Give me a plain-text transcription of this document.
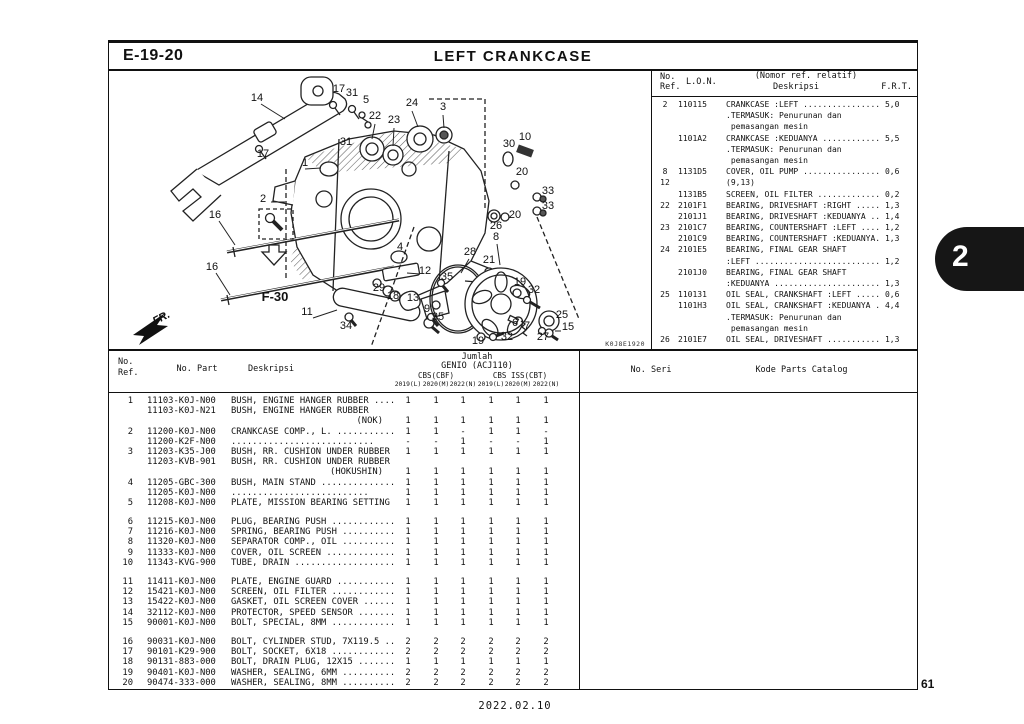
E-19-20	LEFT CRANKCASE
14
17 31
5
22 23
24 3
31
17
1
2
30
10
20
33
33
26
20
8
4	28
21
12 35
29
18 13
9
35
19
32
6 7
25
15
27
19 32
16
16
11
34
F-30
FR.
K0J8E1920
No.
Ref. L.O.N.
(Nomor ref. relatif)
Deskripsi	F.R.T.
2	110115	CRANKCASE :LEFT ................ 5,0
.TERMASUK: Penurunan dan
pemasangan mesin
1101A2	CRANKCASE :KEDUANYA ............ 5,5
.TERMASUK: Penurunan dan
pemasangan mesin
8	1131D5	COVER, OIL PUMP ................ 0,6
12	(9,13)
1131B5	SCREEN, OIL FILTER ............. 0,2
22	2101F1	BEARING, DRIVESHAFT :RIGHT ..... 1,3
2101J1	BEARING, DRIVESHAFT :KEDUANYA .. 1,4
23	2101C7	BEARING, COUNTERSHAFT :LEFT .... 1,2
2101C9	BEARING, COUNTERSHAFT :KEDUANYA. 1,3
24	2101E5	BEARING, FINAL GEAR SHAFT
:LEFT .......................... 1,2
2101J0	BEARING, FINAL GEAR SHAFT
:KEDUANYA ...................... 1,3
25	110131	OIL SEAL, CRANKSHAFT :LEFT ..... 0,6
1101H3	OIL SEAL, CRANKSHAFT :KEDUANYA . 4,4
.TERMASUK: Penurunan dan
pemasangan mesin
26	2101E7	OIL SEAL, DRIVESHAFT ........... 1,3
No.
Ref.	No. Part	Deskripsi
Jumlah
GENIO (ACJ110)
CBS(CBF)	CBS ISS(CBT)
No. Seri	Kode Parts Catalog
2019(L) 2020(M) 2022(N) 2019(L) 2020(M) 2022(N)
1 11103-K0J-N00 BUSH, ENGINE HANGER RUBBER ....	1	1	1	1	1	1
11103-K0J-N21 BUSH, ENGINE HANGER RUBBER
(NOK)	1	1	1	1	1	1
2 11200-K0J-N00 CRANKCASE COMP., L. ...........	1	1	-	1	1	-
11200-K2F-N00 ...........................	-	-	1	-	-	1
3 11203-K35-J00 BUSH, RR. CUSHION UNDER RUBBER	1	1	1	1	1	1
11203-KVB-901 BUSH, RR. CUSHION UNDER RUBBER
(HOKUSHIN)	1	1	1	1	1	1
4 11205-GBC-300 BUSH, MAIN STAND ..............	1	1	1	1	1	1
11205-K0J-N00 ..........................	1	1	1	1	1	1
5 11208-K0J-N00 PLATE, MISSION BEARING SETTING	1	1	1	1	1	1
6 11215-K0J-N00 PLUG, BEARING PUSH ............	1	1	1	1	1	1
7 11216-K0J-N00 SPRING, BEARING PUSH ..........	1	1	1	1	1	1
8 11320-K0J-N00 SEPARATOR COMP., OIL ..........	1	1	1	1	1	1
9 11333-K0J-N00 COVER, OIL SCREEN .............	1	1	1	1	1	1
10 11343-KVG-900 TUBE, DRAIN ...................	1	1	1	1	1	1
11 11411-K0J-N00 PLATE, ENGINE GUARD ...........	1	1	1	1	1	1
12 15421-K0J-N00 SCREEN, OIL FILTER ............	1	1	1	1	1	1
13 15422-K0J-N00 GASKET, OIL SCREEN COVER ......	1	1	1	1	1	1
14 32112-K0J-N00 PROTECTOR, SPEED SENSOR .......	1	1	1	1	1	1
15 90001-K0J-N00 BOLT, SPECIAL, 8MM ............	1	1	1	1	1	1
16 90031-K0J-N00 BOLT, CYLINDER STUD, 7X119.5 ..	2	2	2	2	2	2
17 90101-K29-900 BOLT, SOCKET, 6X18 ............	2	2	2	2	2	2
18 90131-883-000 BOLT, DRAIN PLUG, 12X15 .......	1	1	1	1	1	1
19 90401-K0J-N00 WASHER, SEALING, 6MM ..........	2	2	2	2	2	2
20 90474-333-000 WASHER, SEALING, 8MM ..........	2	2	2	2	2	2
2
61
2022.02.10
